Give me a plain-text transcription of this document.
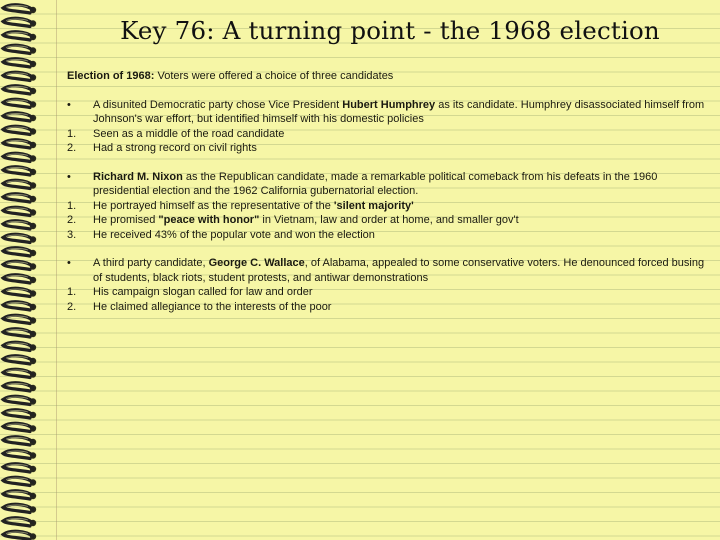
Key 76: A turning point - the 1968 election

Election of 1968: Voters were offered a choice of three candidates

•	A disunited Democratic party chose Vice President Hubert Humphrey as its candidate. Humphrey disassociated himself from Johnson's war effort, but identified himself with his domestic policies
1.	Seen as a middle of the road candidate
2.	Had a strong record on civil rights
•	Richard M. Nixon as the Republican candidate, made a remarkable political comeback from his defeats in the 1960 presidential election and the 1962 California gubernatorial election.
1.	He portrayed himself as the representative of the 'silent majority'
2.	He promised "peace with honor" in Vietnam, law and order at home, and smaller gov't
3.	He received 43% of the popular vote and won the election
•	A third party candidate, George C. Wallace, of Alabama, appealed to some conservative voters. He denounced forced busing of students, black riots, student protests, and antiwar demonstrations
1.	His campaign slogan called for law and order
2.	He claimed allegiance to the interests of the poor
